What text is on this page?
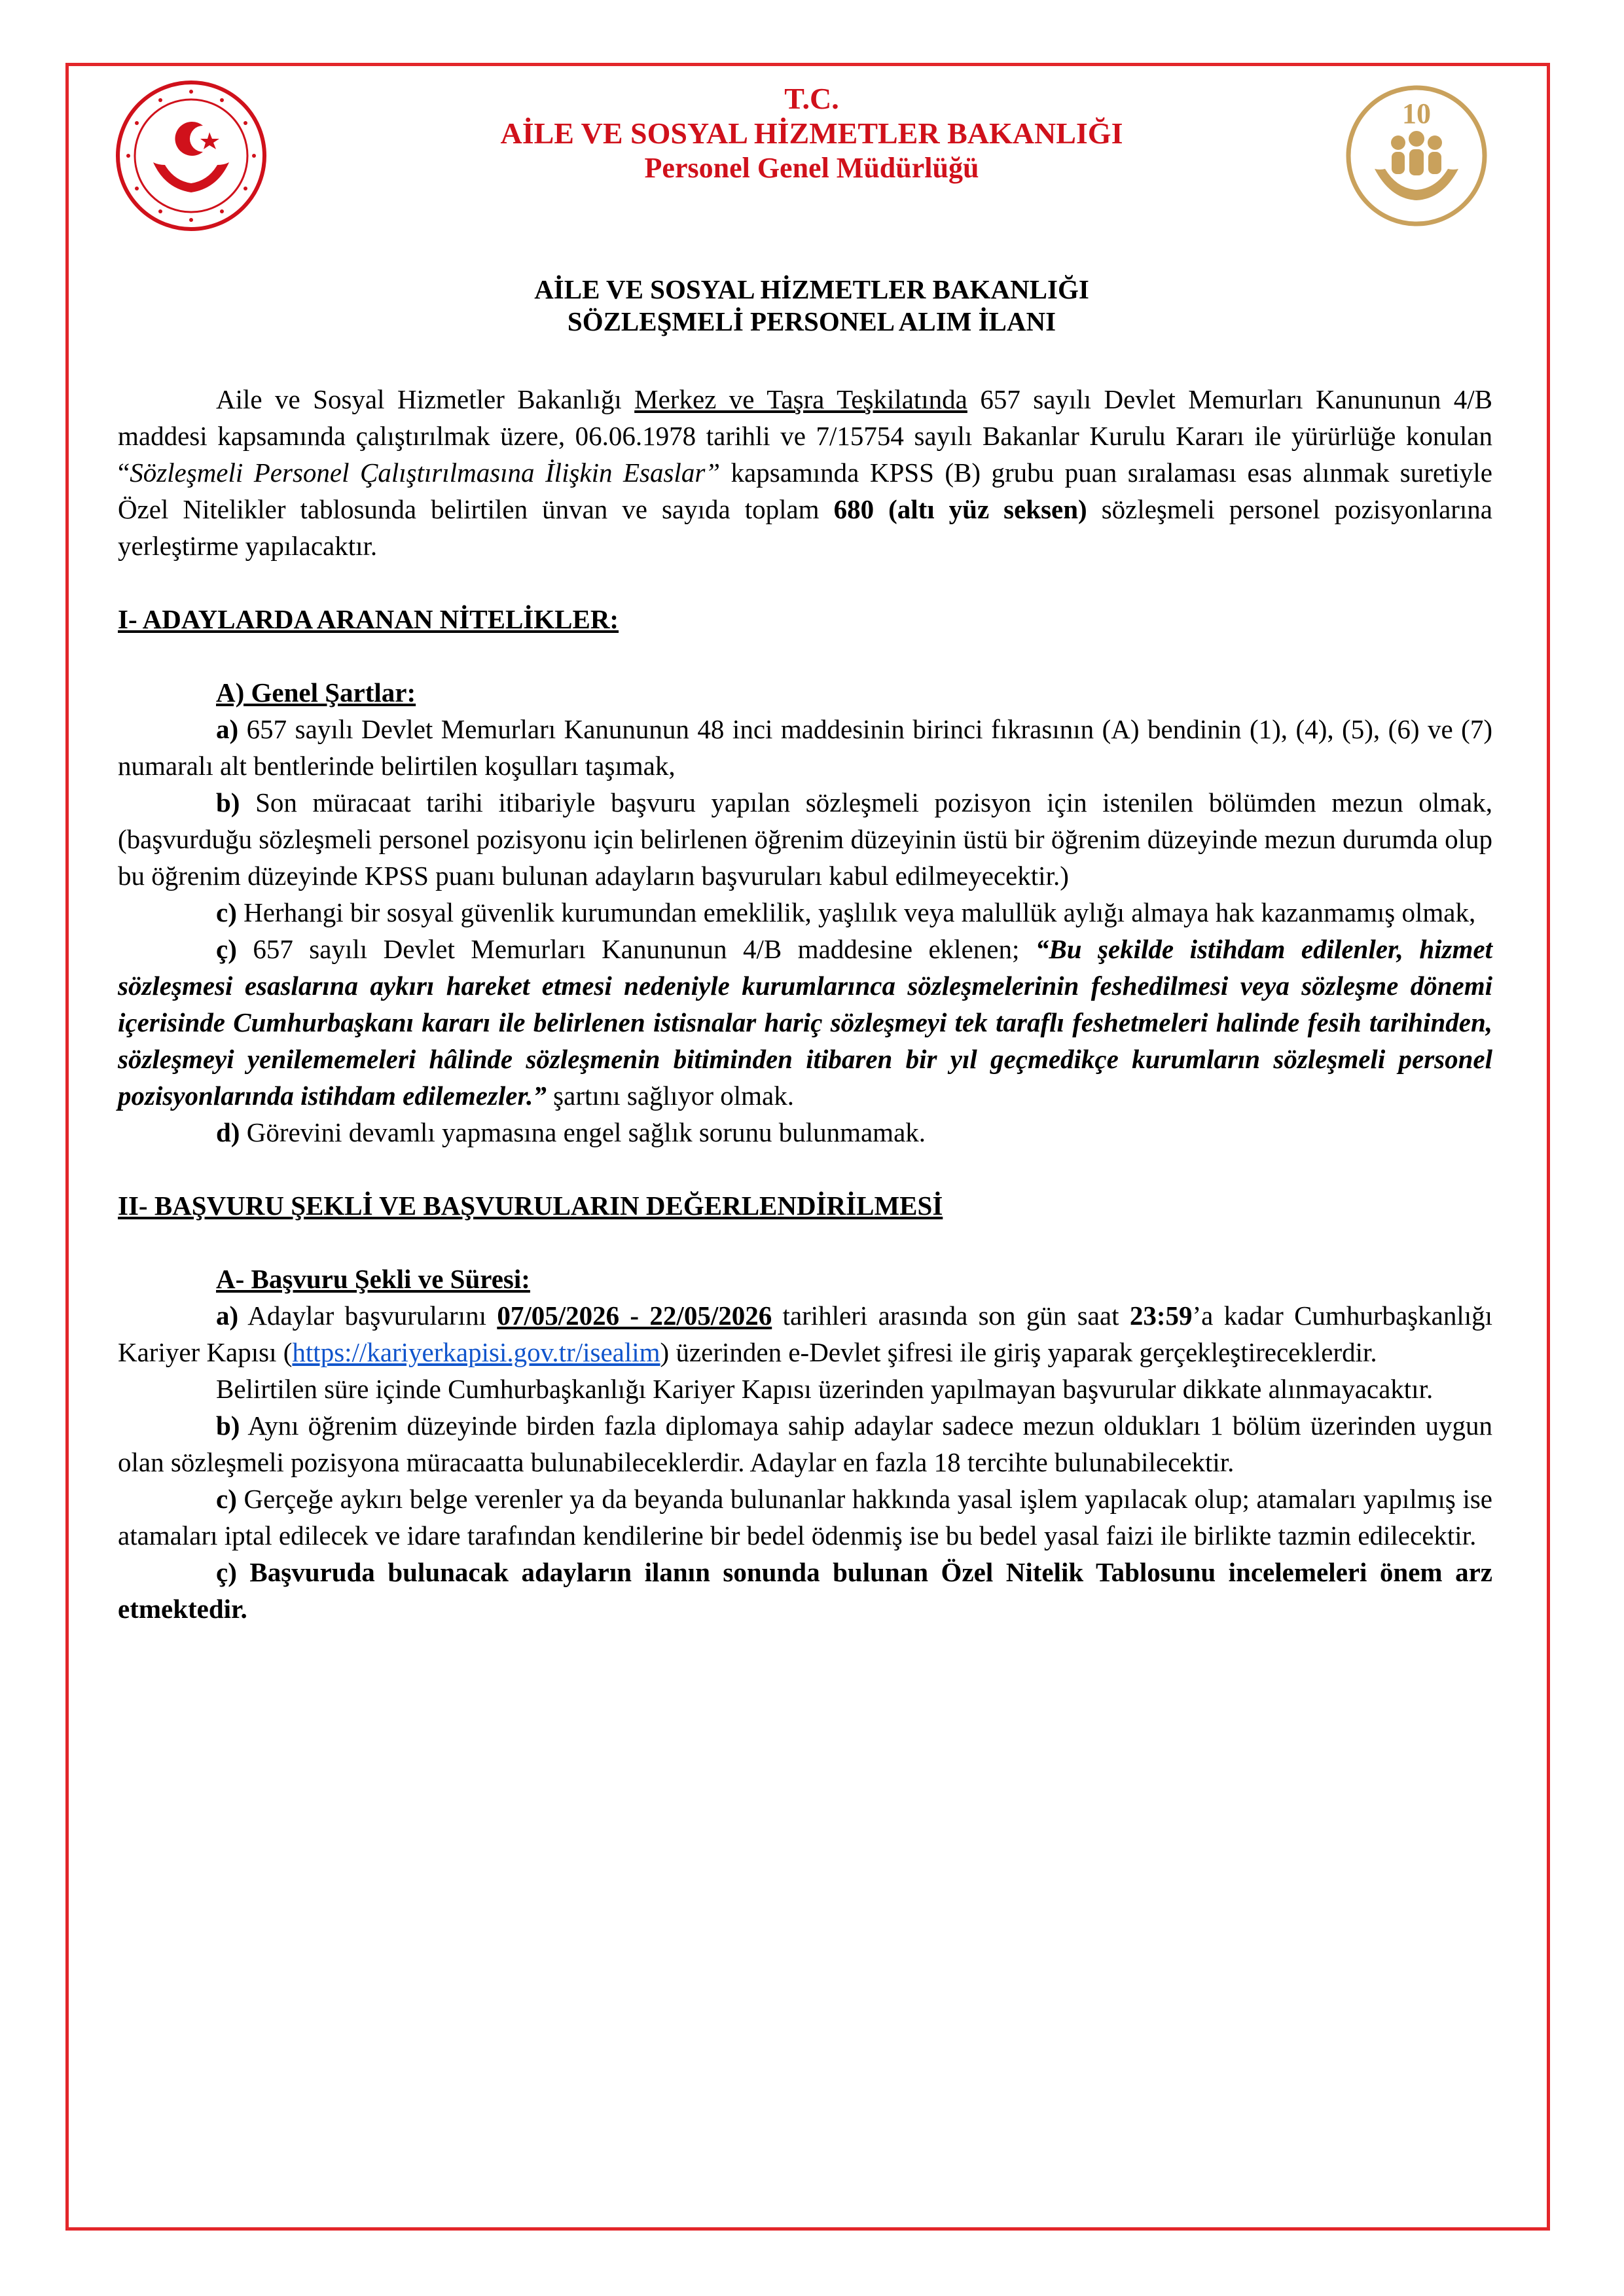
10
T.C.
AİLE VE SOSYAL HİZMETLER BAKANLIĞI
Personel Genel Müdürlüğü
AİLE VE SOSYAL HİZMETLER BAKANLIĞI
SÖZLEŞMELİ PERSONEL ALIM İLANI

Aile ve Sosyal Hizmetler Bakanlığı Merkez ve Taşra Teşkilatında 657 sayılı Devlet Memurları Kanununun 4/B maddesi kapsamında çalıştırılmak üzere, 06.06.1978 tarihli ve 7/15754 sayılı Bakanlar Kurulu Kararı ile yürürlüğe konulan “Sözleşmeli Personel Çalıştırılmasına İlişkin Esaslar” kapsamında KPSS (B) grubu puan sıralaması esas alınmak suretiyle Özel Nitelikler tablosunda belirtilen ünvan ve sayıda toplam 680 (altı yüz seksen) sözleşmeli personel pozisyonlarına yerleştirme yapılacaktır.

I- ADAYLARDA ARANAN NİTELİKLER:

A) Genel Şartlar:

a) 657 sayılı Devlet Memurları Kanununun 48 inci maddesinin birinci fıkrasının (A) bendinin (1), (4), (5), (6) ve (7) numaralı alt bentlerinde belirtilen koşulları taşımak,

b) Son müracaat tarihi itibariyle başvuru yapılan sözleşmeli pozisyon için istenilen bölümden mezun olmak, (başvurduğu sözleşmeli personel pozisyonu için belirlenen öğrenim düzeyinin üstü bir öğrenim düzeyinde mezun durumda olup bu öğrenim düzeyinde KPSS puanı bulunan adayların başvuruları kabul edilmeyecektir.)

c) Herhangi bir sosyal güvenlik kurumundan emeklilik, yaşlılık veya malullük aylığı almaya hak kazanmamış olmak,

ç) 657 sayılı Devlet Memurları Kanununun 4/B maddesine eklenen; “Bu şekilde istihdam edilenler, hizmet sözleşmesi esaslarına aykırı hareket etmesi nedeniyle kurumlarınca sözleşmelerinin feshedilmesi veya sözleşme dönemi içerisinde Cumhurbaşkanı kararı ile belirlenen istisnalar hariç sözleşmeyi tek taraflı feshetmeleri halinde fesih tarihinden, sözleşmeyi yenilememeleri hâlinde sözleşmenin bitiminden itibaren bir yıl geçmedikçe kurumların sözleşmeli personel pozisyonlarında istihdam edilemezler.” şartını sağlıyor olmak.

d) Görevini devamlı yapmasına engel sağlık sorunu bulunmamak.

II- BAŞVURU ŞEKLİ VE BAŞVURULARIN DEĞERLENDİRİLMESİ

A- Başvuru Şekli ve Süresi:

a) Adaylar başvurularını 07/05/2026 - 22/05/2026 tarihleri arasında son gün saat 23:59’a kadar Cumhurbaşkanlığı Kariyer Kapısı (https://kariyerkapisi.gov.tr/isealim) üzerinden e-Devlet şifresi ile giriş yaparak gerçekleştireceklerdir.

Belirtilen süre içinde Cumhurbaşkanlığı Kariyer Kapısı üzerinden yapılmayan başvurular dikkate alınmayacaktır.

b) Aynı öğrenim düzeyinde birden fazla diplomaya sahip adaylar sadece mezun oldukları 1 bölüm üzerinden uygun olan sözleşmeli pozisyona müracaatta bulunabileceklerdir. Adaylar en fazla 18 tercihte bulunabilecektir.

c) Gerçeğe aykırı belge verenler ya da beyanda bulunanlar hakkında yasal işlem yapılacak olup; atamaları yapılmış ise atamaları iptal edilecek ve idare tarafından kendilerine bir bedel ödenmiş ise bu bedel yasal faizi ile birlikte tazmin edilecektir.

ç) Başvuruda bulunacak adayların ilanın sonunda bulunan Özel Nitelik Tablosunu incelemeleri önem arz etmektedir.
